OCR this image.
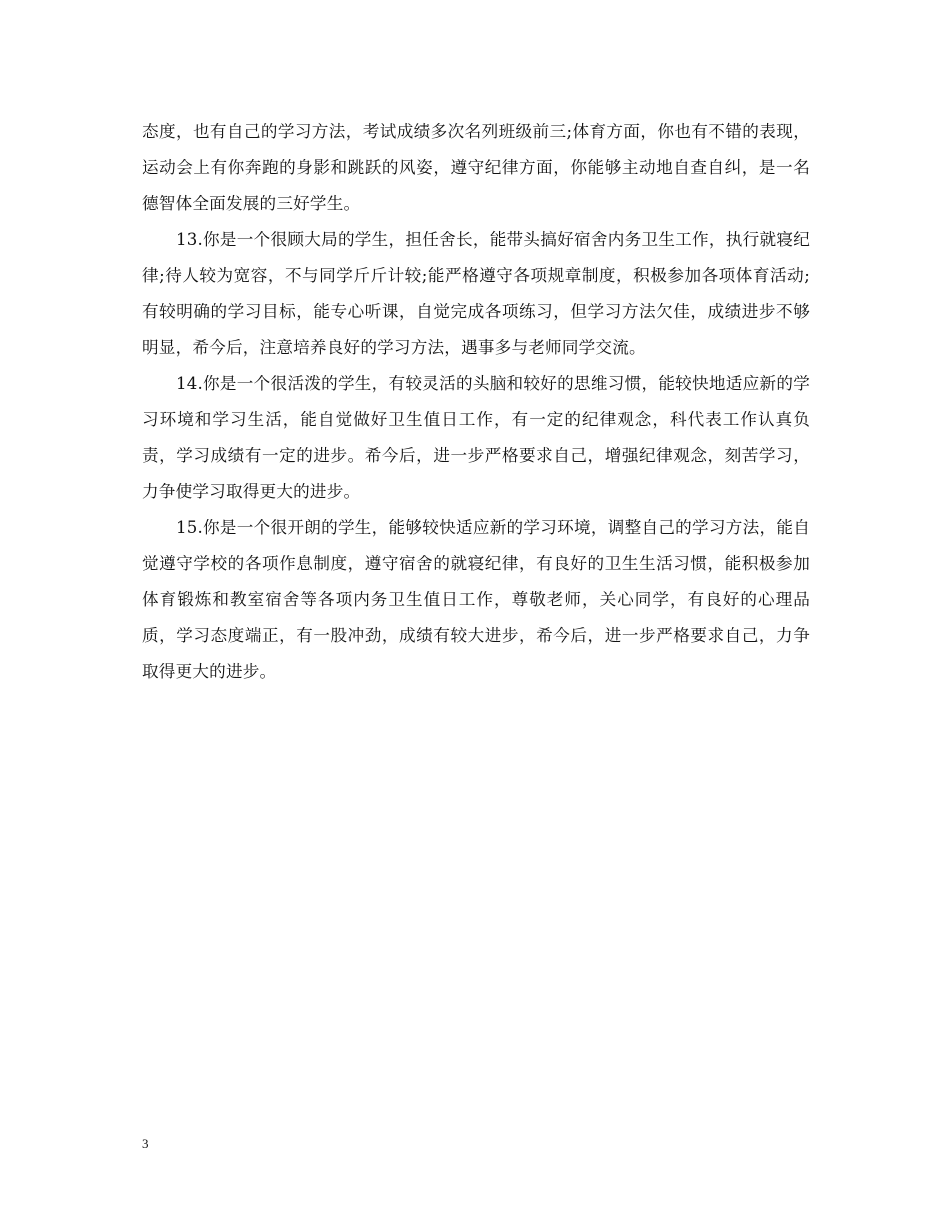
态度，也有自己的学习方法，考试成绩多次名列班级前三;体育方面，你也有不错的表现，运动会上有你奔跑的身影和跳跃的风姿，遵守纪律方面，你能够主动地自查自纠，是一名德智体全面发展的三好学生。

13.你是一个很顾大局的学生，担任舍长，能带头搞好宿舍内务卫生工作，执行就寝纪律;待人较为宽容，不与同学斤斤计较;能严格遵守各项规章制度，积极参加各项体育活动;有较明确的学习目标，能专心听课，自觉完成各项练习，但学习方法欠佳，成绩进步不够明显，希今后，注意培养良好的学习方法，遇事多与老师同学交流。

14.你是一个很活泼的学生，有较灵活的头脑和较好的思维习惯，能较快地适应新的学习环境和学习生活，能自觉做好卫生值日工作，有一定的纪律观念，科代表工作认真负责，学习成绩有一定的进步。希今后，进一步严格要求自己，增强纪律观念，刻苦学习，力争使学习取得更大的进步。

15.你是一个很开朗的学生，能够较快适应新的学习环境，调整自己的学习方法，能自觉遵守学校的各项作息制度，遵守宿舍的就寝纪律，有良好的卫生生活习惯，能积极参加体育锻炼和教室宿舍等各项内务卫生值日工作，尊敬老师，关心同学，有良好的心理品质，学习态度端正，有一股冲劲，成绩有较大进步，希今后，进一步严格要求自己，力争取得更大的进步。

3
